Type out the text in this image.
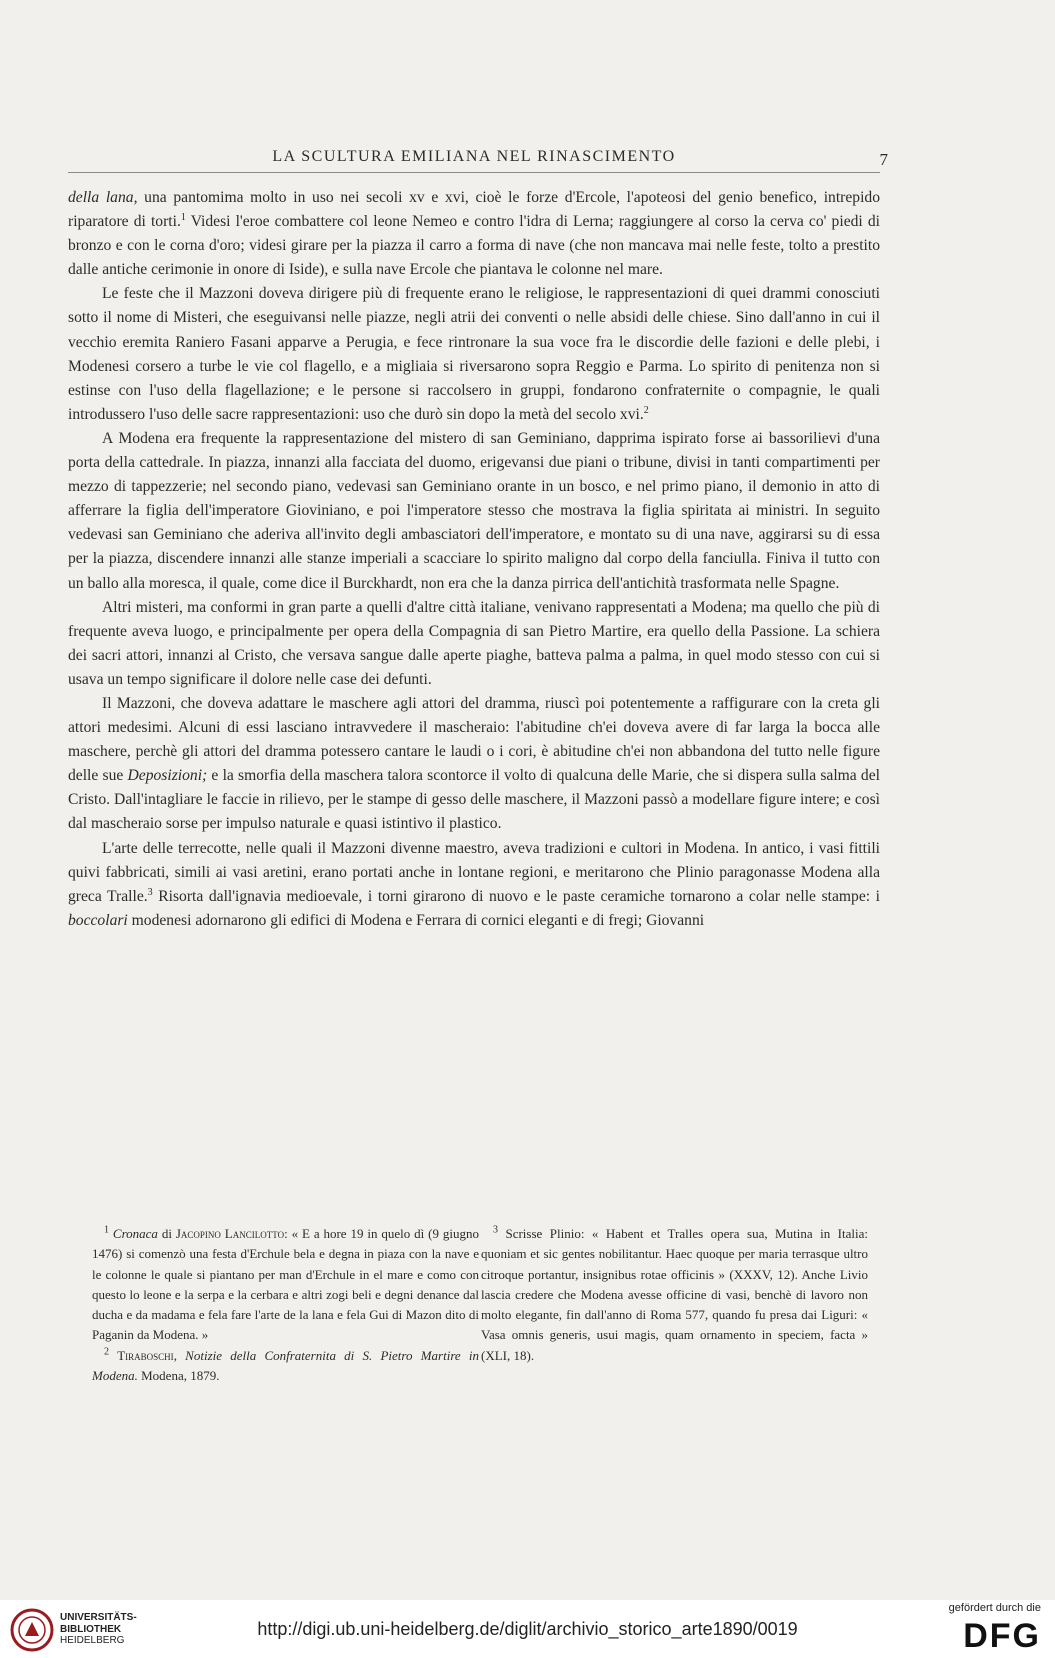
LA SCULTURA EMILIANA NEL RINASCIMENTO	7

della lana, una pantomima molto in uso nei secoli xv e xvi, cioè le forze d'Ercole, l'apoteosi del genio benefico, intrepido riparatore di torti.$^1$ Videsi l'eroe combattere col leone Nemeo e contro l'idra di Lerna; raggiungere al corso la cerva co' piedi di bronzo e con le corna d'oro; videsi girare per la piazza il carro a forma di nave (che non mancava mai nelle feste, tolto a prestito dalle antiche cerimonie in onore di Iside), e sulla nave Ercole che piantava le colonne nel mare.

Le feste che il Mazzoni doveva dirigere più di frequente erano le religiose, le rappresentazioni di quei drammi conosciuti sotto il nome di Misteri, che eseguivansi nelle piazze, negli atrii dei conventi o nelle absidi delle chiese. Sino dall'anno in cui il vecchio eremita Raniero Fasani apparve a Perugia, e fece rintronare la sua voce fra le discordie delle fazioni e delle plebi, i Modenesi corsero a turbe le vie col flagello, e a migliaia si riversarono sopra Reggio e Parma. Lo spirito di penitenza non si estinse con l'uso della flagellazione; e le persone si raccolsero in gruppi, fondarono confraternite o compagnie, le quali introdussero l'uso delle sacre rappresentazioni: uso che durò sin dopo la metà del secolo xvi.$^2$

A Modena era frequente la rappresentazione del mistero di san Geminiano, dapprima ispirato forse ai bassorilievi d'una porta della cattedrale. In piazza, innanzi alla facciata del duomo, erigevansi due piani o tribune, divisi in tanti compartimenti per mezzo di tappezzerie; nel secondo piano, vedevasi san Geminiano orante in un bosco, e nel primo piano, il demonio in atto di afferrare la figlia dell'imperatore Gioviniano, e poi l'imperatore stesso che mostrava la figlia spiritata ai ministri. In seguito vedevasi san Geminiano che aderiva all'invito degli ambasciatori dell'imperatore, e montato su di una nave, aggirarsi su di essa per la piazza, discendere innanzi alle stanze imperiali a scacciare lo spirito maligno dal corpo della fanciulla. Finiva il tutto con un ballo alla moresca, il quale, come dice il Burckhardt, non era che la danza pirrica dell'antichità trasformata nelle Spagne.

Altri misteri, ma conformi in gran parte a quelli d'altre città italiane, venivano rappresentati a Modena; ma quello che più di frequente aveva luogo, e principalmente per opera della Compagnia di san Pietro Martire, era quello della Passione. La schiera dei sacri attori, innanzi al Cristo, che versava sangue dalle aperte piaghe, batteva palma a palma, in quel modo stesso con cui si usava un tempo significare il dolore nelle case dei defunti.

Il Mazzoni, che doveva adattare le maschere agli attori del dramma, riuscì poi potentemente a raffigurare con la creta gli attori medesimi. Alcuni di essi lasciano intravvedere il mascheraio: l'abitudine ch'ei doveva avere di far larga la bocca alle maschere, perchè gli attori del dramma potessero cantare le laudi o i cori, è abitudine ch'ei non abbandona del tutto nelle figure delle sue Deposizioni; e la smorfia della maschera talora scontorce il volto di qualcuna delle Marie, che si dispera sulla salma del Cristo. Dall'intagliare le faccie in rilievo, per le stampe di gesso delle maschere, il Mazzoni passò a modellare figure intere; e così dal mascheraio sorse per impulso naturale e quasi istintivo il plastico.

L'arte delle terrecotte, nelle quali il Mazzoni divenne maestro, aveva tradizioni e cultori in Modena. In antico, i vasi fittili quivi fabbricati, simili ai vasi aretini, erano portati anche in lontane regioni, e meritarono che Plinio paragonasse Modena alla greca Tralle.$^3$ Risorta dall'ignavia medioevale, i torni girarono di nuovo e le paste ceramiche tornarono a colar nelle stampe: i boccolari modenesi adornarono gli edifici di Modena e Ferrara di cornici eleganti e di fregi; Giovanni

$^1$ Cronaca di Jacopino Lancilotto: « E a hore 19 in quelo dì (9 giugno 1476) si comenzò una festa d'Erchule bela e degna in piaza con la nave e le colonne le quale si piantano per man d'Erchule in el mare e como con questo lo leone e la serpa e la cerbara e altri zogi beli e degni denance dal ducha e da madama e fela fare l'arte de la lana e fela Gui di Mazon dito di Paganin da Modena. »

$^2$ Tiraboschi, Notizie della Confraternita di S. Pietro Martire in Modena. Modena, 1879.

$^3$ Scrisse Plinio: « Habent et Tralles opera sua, Mutina in Italia: quoniam et sic gentes nobilitantur. Haec quoque per maria terrasque ultro citroque portantur, insignibus rotae officinis » (XXXV, 12). Anche Livio lascia credere che Modena avesse officine di vasi, benchè di lavoro non molto elegante, fin dall'anno di Roma 577, quando fu presa dai Liguri: « Vasa omnis generis, usui magis, quam ornamento in speciem, facta » (XLI, 18).

UNIVERSITÄTS-
BIBLIOTHEK
HEIDELBERG
http://digi.ub.uni-heidelberg.de/diglit/archivio_storico_arte1890/0019
gefördert durch die
DFG
